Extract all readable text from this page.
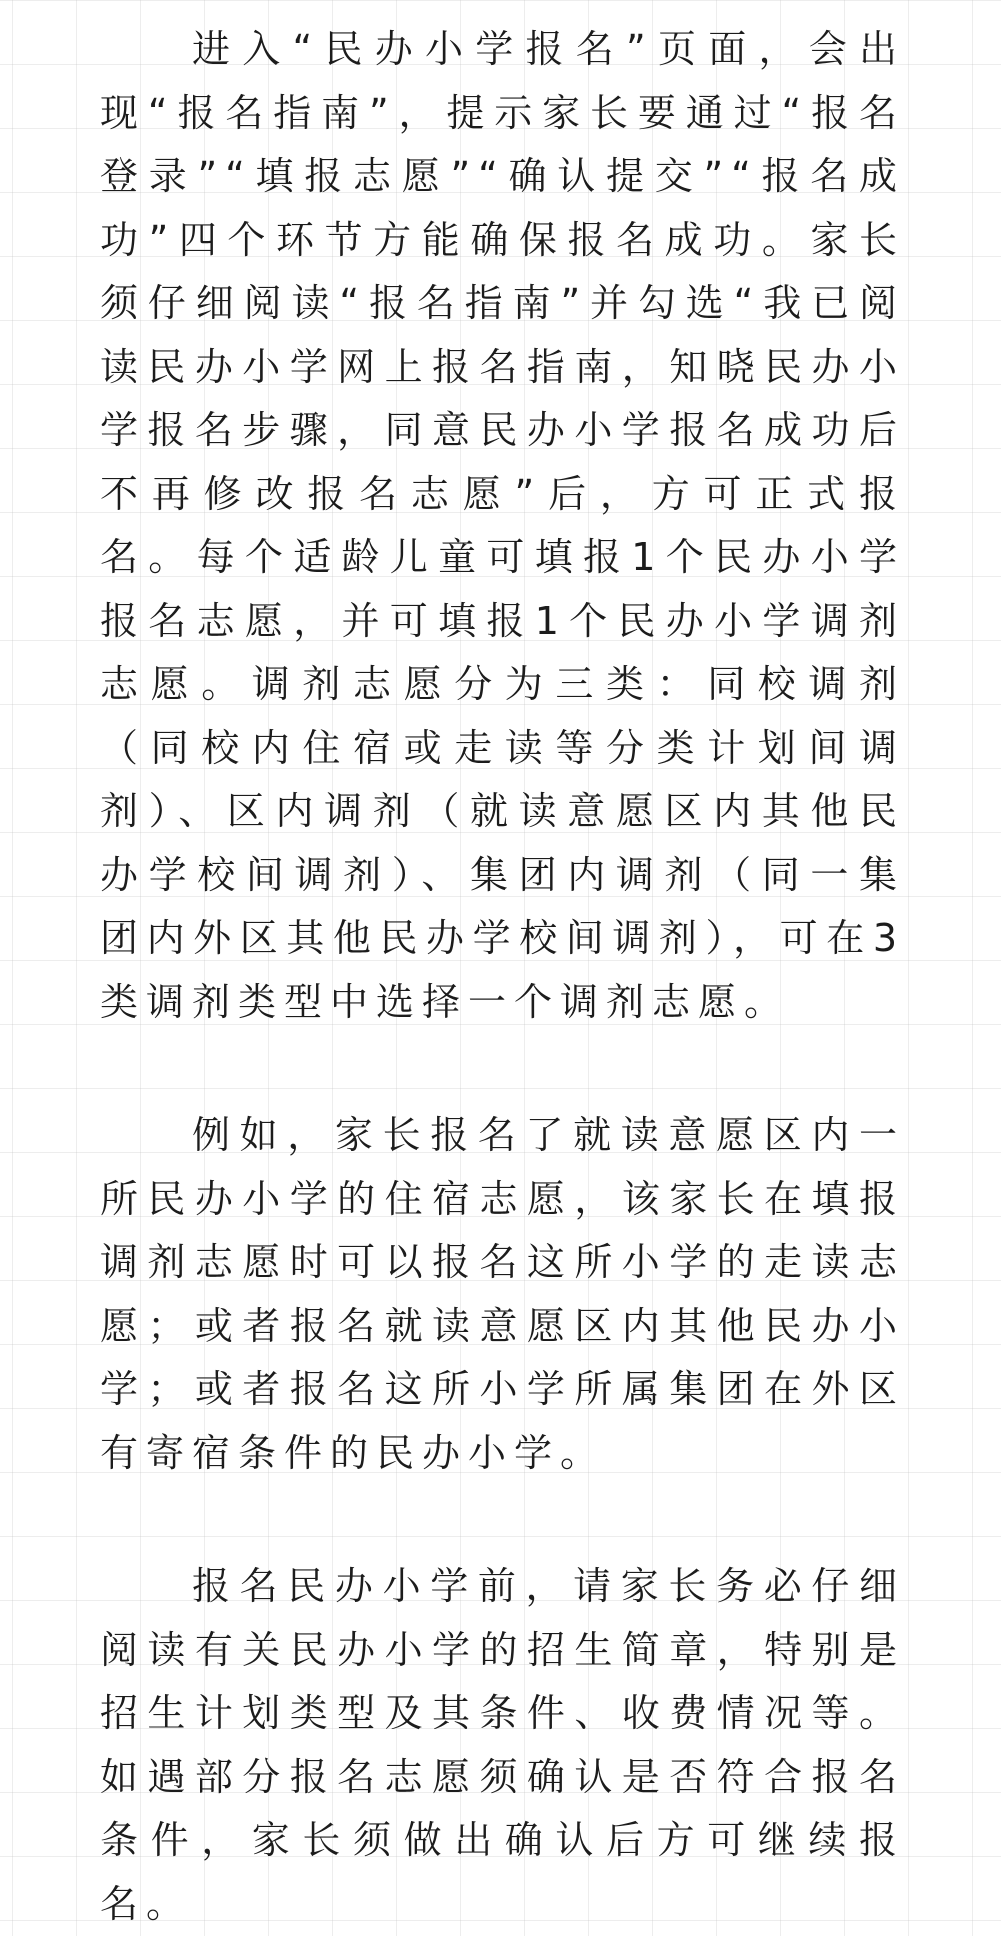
进入“民办小学报名”页面，会出现“报名指南”，提示家长要通过“报名登录”“填报志愿”“确认提交”“报名成功”四个环节方能确保报名成功。家长须仔细阅读“报名指南”并勾选“我已阅读民办小学网上报名指南，知晓民办小学报名步骤，同意民办小学报名成功后不再修改报名志愿”后，方可正式报名。每个适龄儿童可填报1个民办小学报名志愿，并可填报1个民办小学调剂志愿。调剂志愿分为三类：同校调剂（同校内住宿或走读等分类计划间调剂）、区内调剂（就读意愿区内其他民办学校间调剂）、集团内调剂（同一集团内外区其他民办学校间调剂），可在3类调剂类型中选择一个调剂志愿。

例如，家长报名了就读意愿区内一所民办小学的住宿志愿，该家长在填报调剂志愿时可以报名这所小学的走读志愿；或者报名就读意愿区内其他民办小学；或者报名这所小学所属集团在外区有寄宿条件的民办小学。

报名民办小学前，请家长务必仔细阅读有关民办小学的招生简章，特别是招生计划类型及其条件、收费情况等。如遇部分报名志愿须确认是否符合报名条件，家长须做出确认后方可继续报名。
